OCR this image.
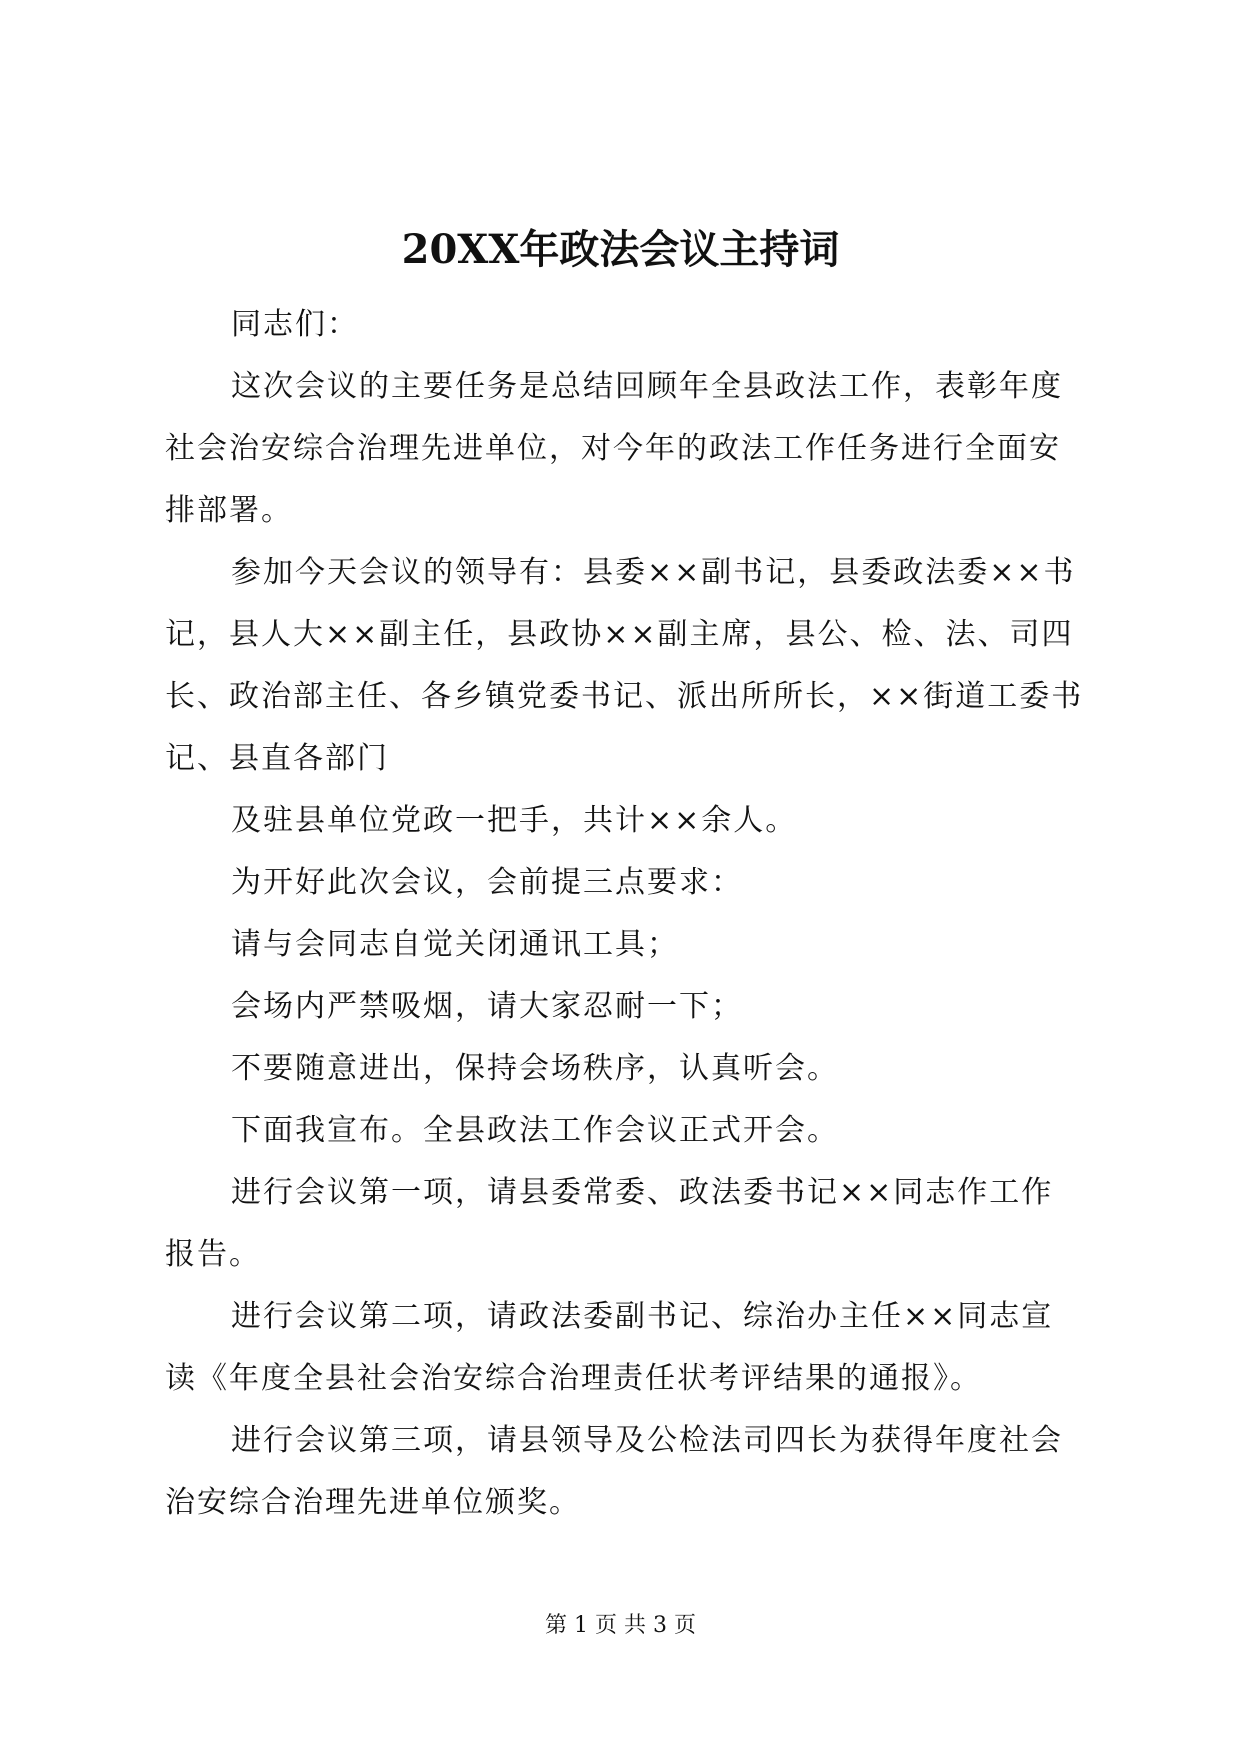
20XX年政法会议主持词

同志们：

这次会议的主要任务是总结回顾年全县政法工作，表彰年度社会治安综合治理先进单位，对今年的政法工作任务进行全面安排部署。

参加今天会议的领导有：县委××副书记，县委政法委××书记，县人大××副主任，县政协××副主席，县公、检、法、司四长、政治部主任、各乡镇党委书记、派出所所长，××街道工委书记、县直各部门

及驻县单位党政一把手，共计××余人。

为开好此次会议，会前提三点要求：

请与会同志自觉关闭通讯工具；

会场内严禁吸烟，请大家忍耐一下；

不要随意进出，保持会场秩序，认真听会。

下面我宣布。全县政法工作会议正式开会。

进行会议第一项，请县委常委、政法委书记××同志作工作报告。

进行会议第二项，请政法委副书记、综治办主任××同志宣读《年度全县社会治安综合治理责任状考评结果的通报》。

进行会议第三项，请县领导及公检法司四长为获得年度社会治安综合治理先进单位颁奖。

第 1 页 共 3 页
